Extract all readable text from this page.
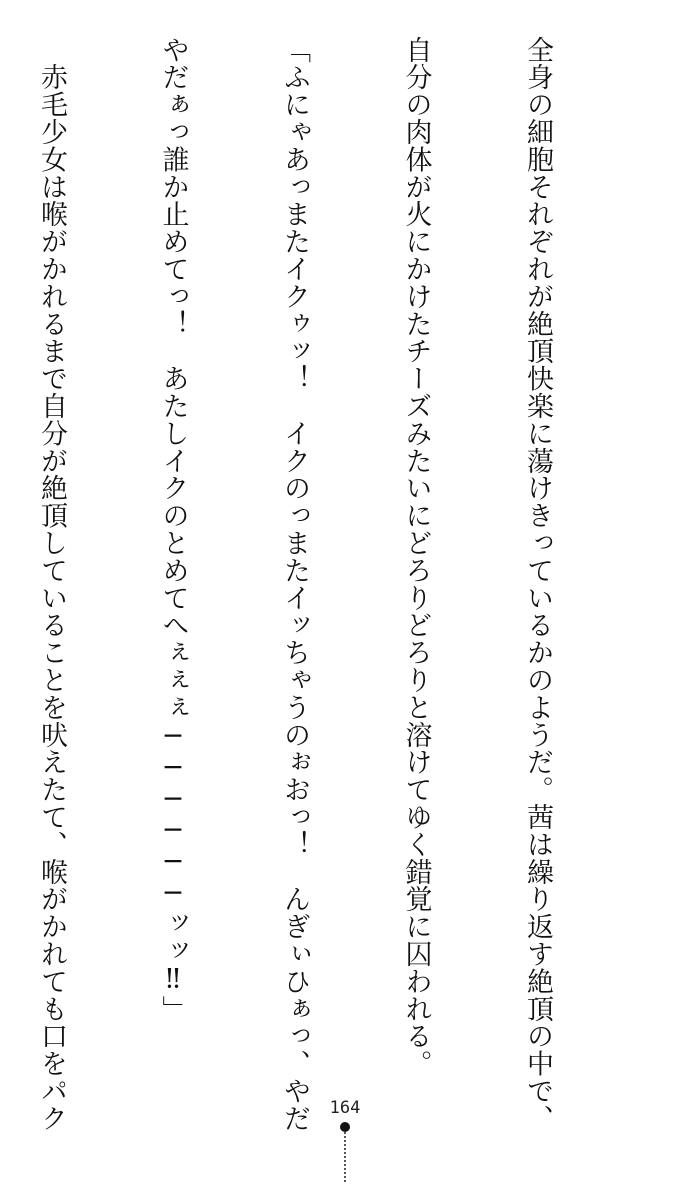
全身の細胞それぞれが絶頂快楽に蕩けきっているかのようだ。茜は繰り返す絶頂の中で、

自分の肉体が火にかけたチーズみたいにどろりどろりと溶けてゆく錯覚に囚われる。

「ふにゃあっまたイクゥッ！　イクのっまたイッちゃうのぉおっ！　んぎぃひぁっ、やだ

やだぁっ誰か止めてっ！　あたしイクのとめてへぇぇぇ──────ッッ‼」

　赤毛少女は喉がかれるまで自分が絶頂していることを吠えたて、喉がかれても口をパク

	164
